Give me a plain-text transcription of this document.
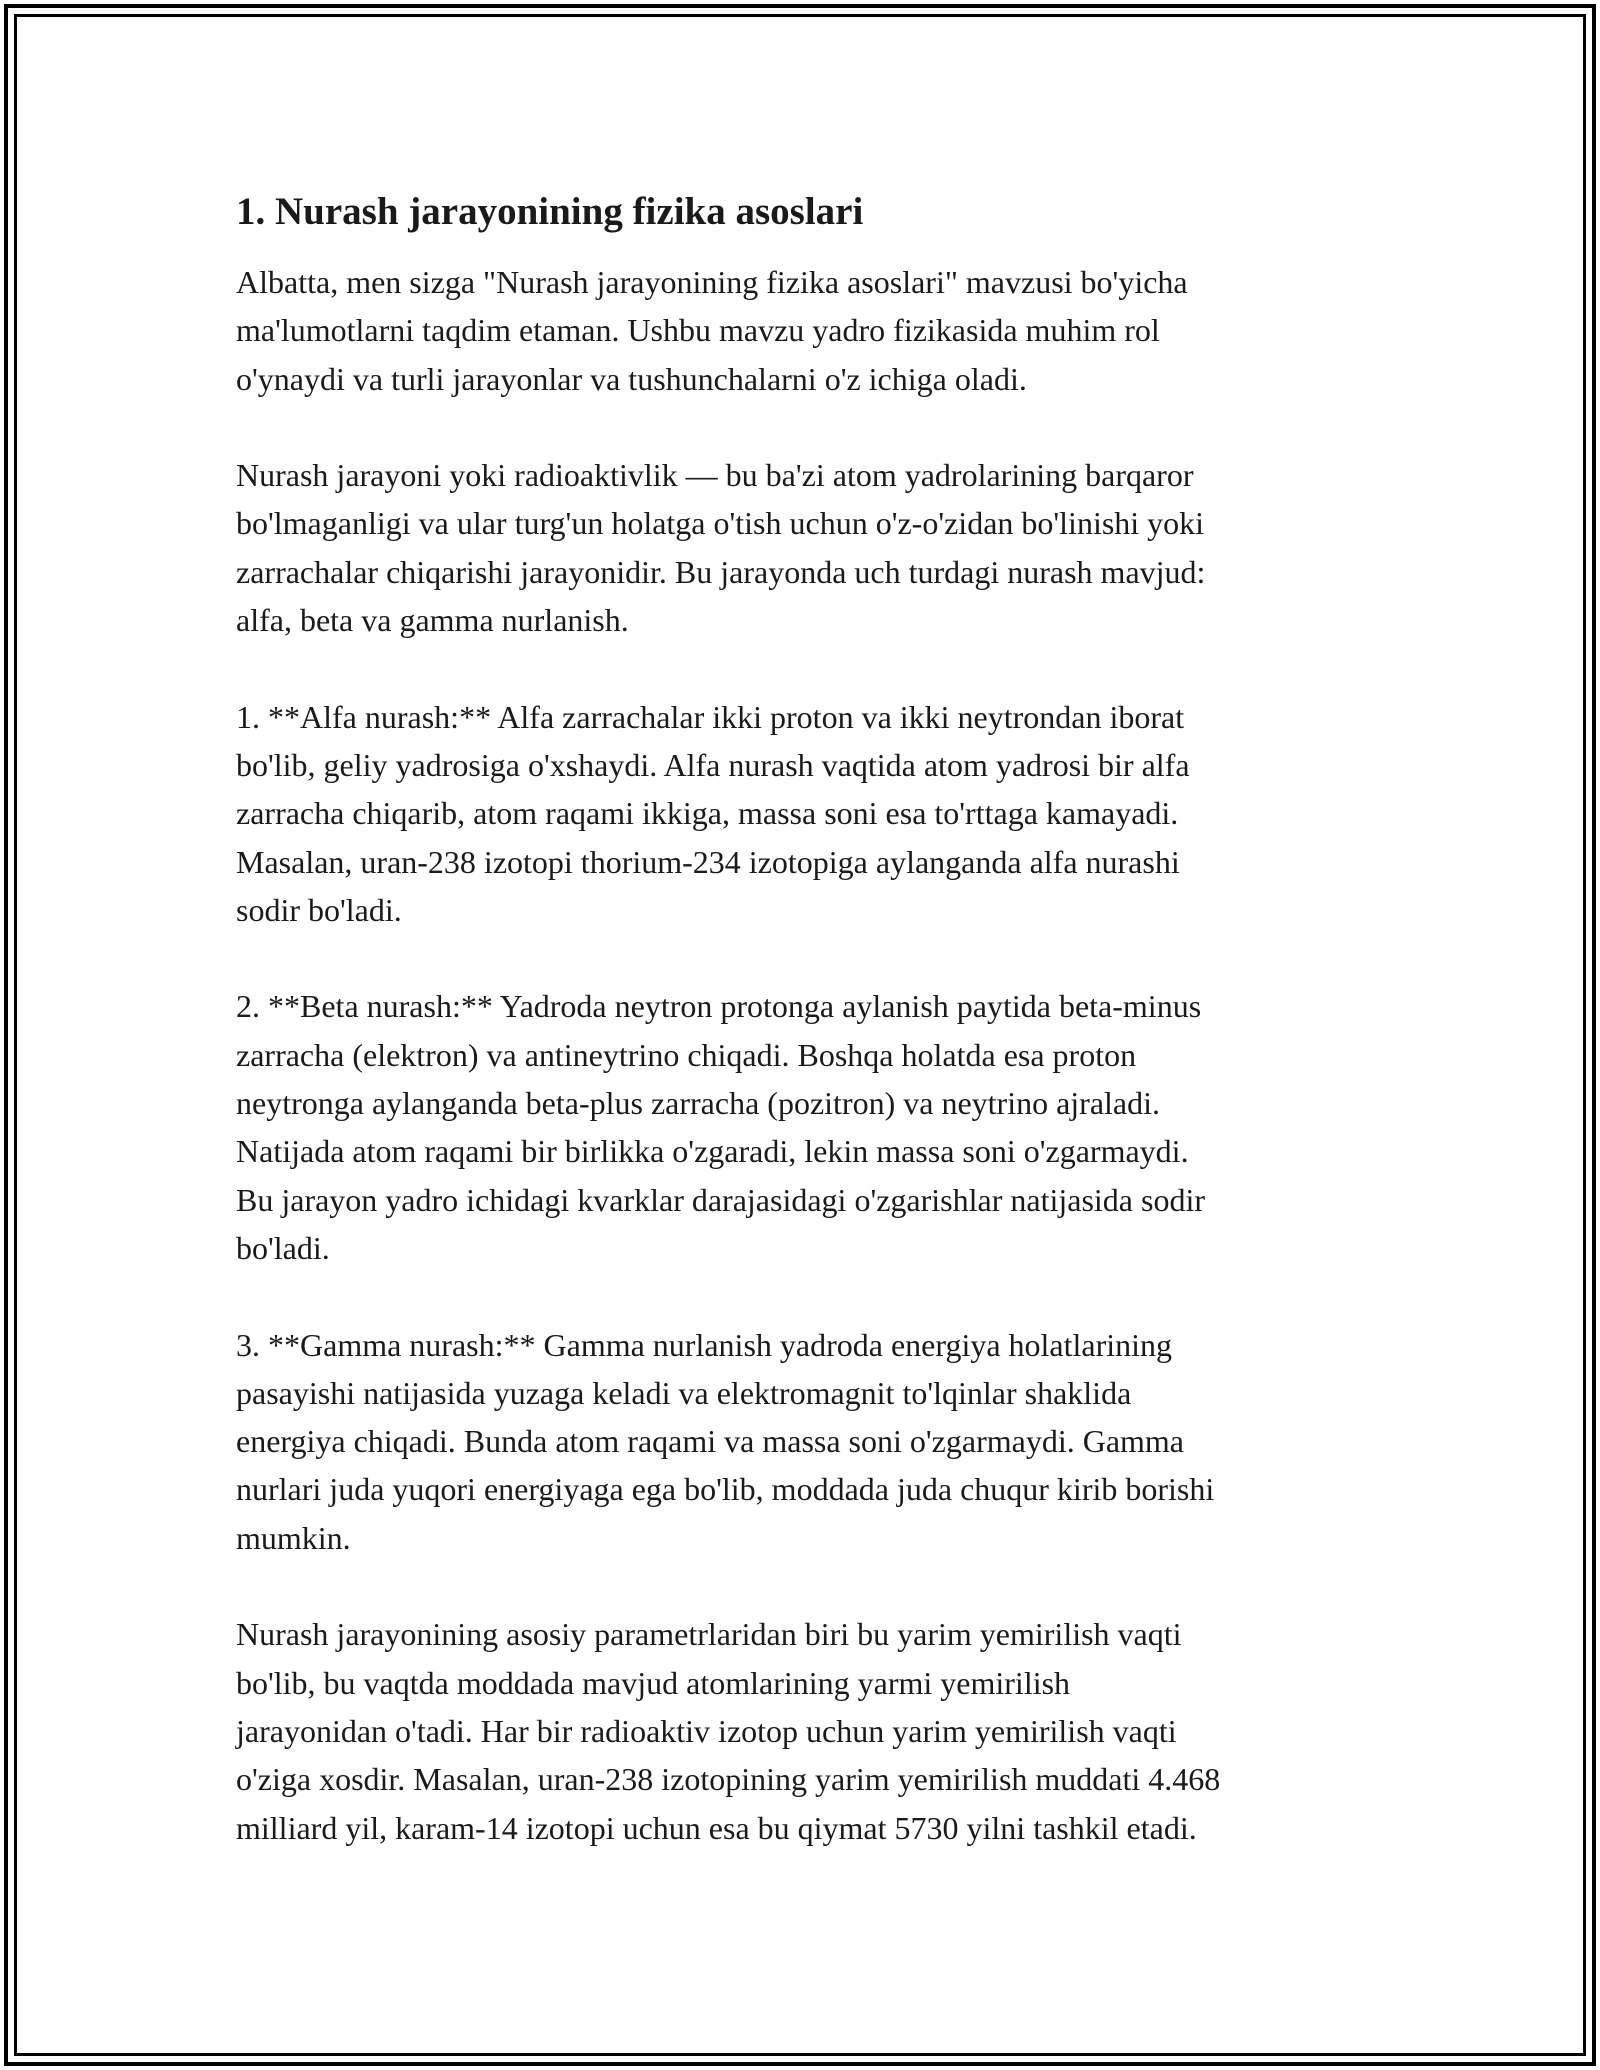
1. Nurash jarayonining fizika asoslari

Albatta, men sizga "Nurash jarayonining fizika asoslari" mavzusi bo'yicha
ma'lumotlarni taqdim etaman. Ushbu mavzu yadro fizikasida muhim rol
o'ynaydi va turli jarayonlar va tushunchalarni o'z ichiga oladi.

Nurash jarayoni yoki radioaktivlik — bu ba'zi atom yadrolarining barqaror
bo'lmaganligi va ular turg'un holatga o'tish uchun o'z-o'zidan bo'linishi yoki
zarrachalar chiqarishi jarayonidir. Bu jarayonda uch turdagi nurash mavjud:
alfa, beta va gamma nurlanish.

1. **Alfa nurash:** Alfa zarrachalar ikki proton va ikki neytrondan iborat
bo'lib, geliy yadrosiga o'xshaydi. Alfa nurash vaqtida atom yadrosi bir alfa
zarracha chiqarib, atom raqami ikkiga, massa soni esa to'rttaga kamayadi.
Masalan, uran-238 izotopi thorium-234 izotopiga aylanganda alfa nurashi
sodir bo'ladi.

2. **Beta nurash:** Yadroda neytron protonga aylanish paytida beta-minus
zarracha (elektron) va antineytrino chiqadi. Boshqa holatda esa proton
neytronga aylanganda beta-plus zarracha (pozitron) va neytrino ajraladi.
Natijada atom raqami bir birlikka o'zgaradi, lekin massa soni o'zgarmaydi.
Bu jarayon yadro ichidagi kvarklar darajasidagi o'zgarishlar natijasida sodir
bo'ladi.

3. **Gamma nurash:** Gamma nurlanish yadroda energiya holatlarining
pasayishi natijasida yuzaga keladi va elektromagnit to'lqinlar shaklida
energiya chiqadi. Bunda atom raqami va massa soni o'zgarmaydi. Gamma
nurlari juda yuqori energiyaga ega bo'lib, moddada juda chuqur kirib borishi
mumkin.

Nurash jarayonining asosiy parametrlaridan biri bu yarim yemirilish vaqti
bo'lib, bu vaqtda moddada mavjud atomlarining yarmi yemirilish
jarayonidan o'tadi. Har bir radioaktiv izotop uchun yarim yemirilish vaqti
o'ziga xosdir. Masalan, uran-238 izotopining yarim yemirilish muddati 4.468
milliard yil, karam-14 izotopi uchun esa bu qiymat 5730 yilni tashkil etadi.
